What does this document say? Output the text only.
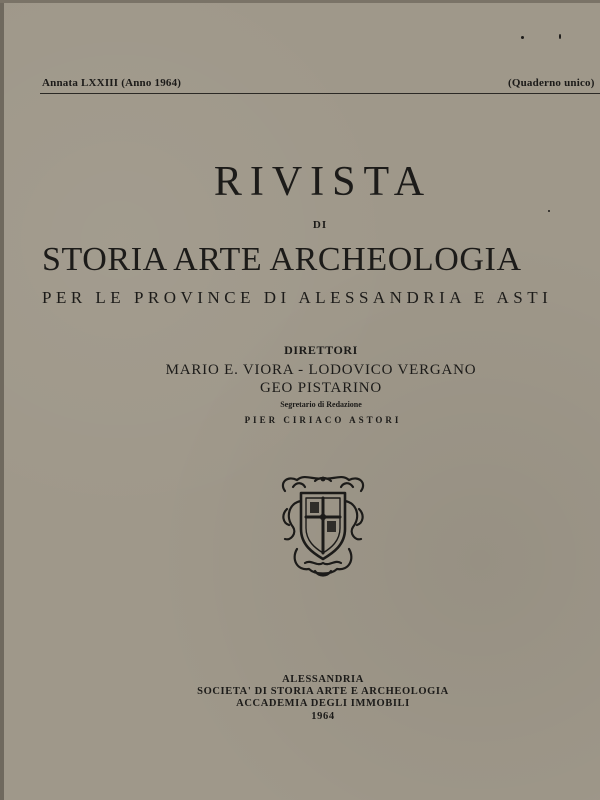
Annata LXXIII (Anno 1964)	(Quaderno unico)
RIVISTA
DI
STORIA ARTE ARCHEOLOGIA
PER LE PROVINCE DI ALESSANDRIA E ASTI
DIRETTORI
MARIO E. VIORA - LODOVICO VERGANO
GEO PISTARINO
Segretario di Redazione
PIER CIRIACO ASTORI
ALESSANDRIA
SOCIETA' DI STORIA ARTE E ARCHEOLOGIA
ACCADEMIA DEGLI IMMOBILI
1964
